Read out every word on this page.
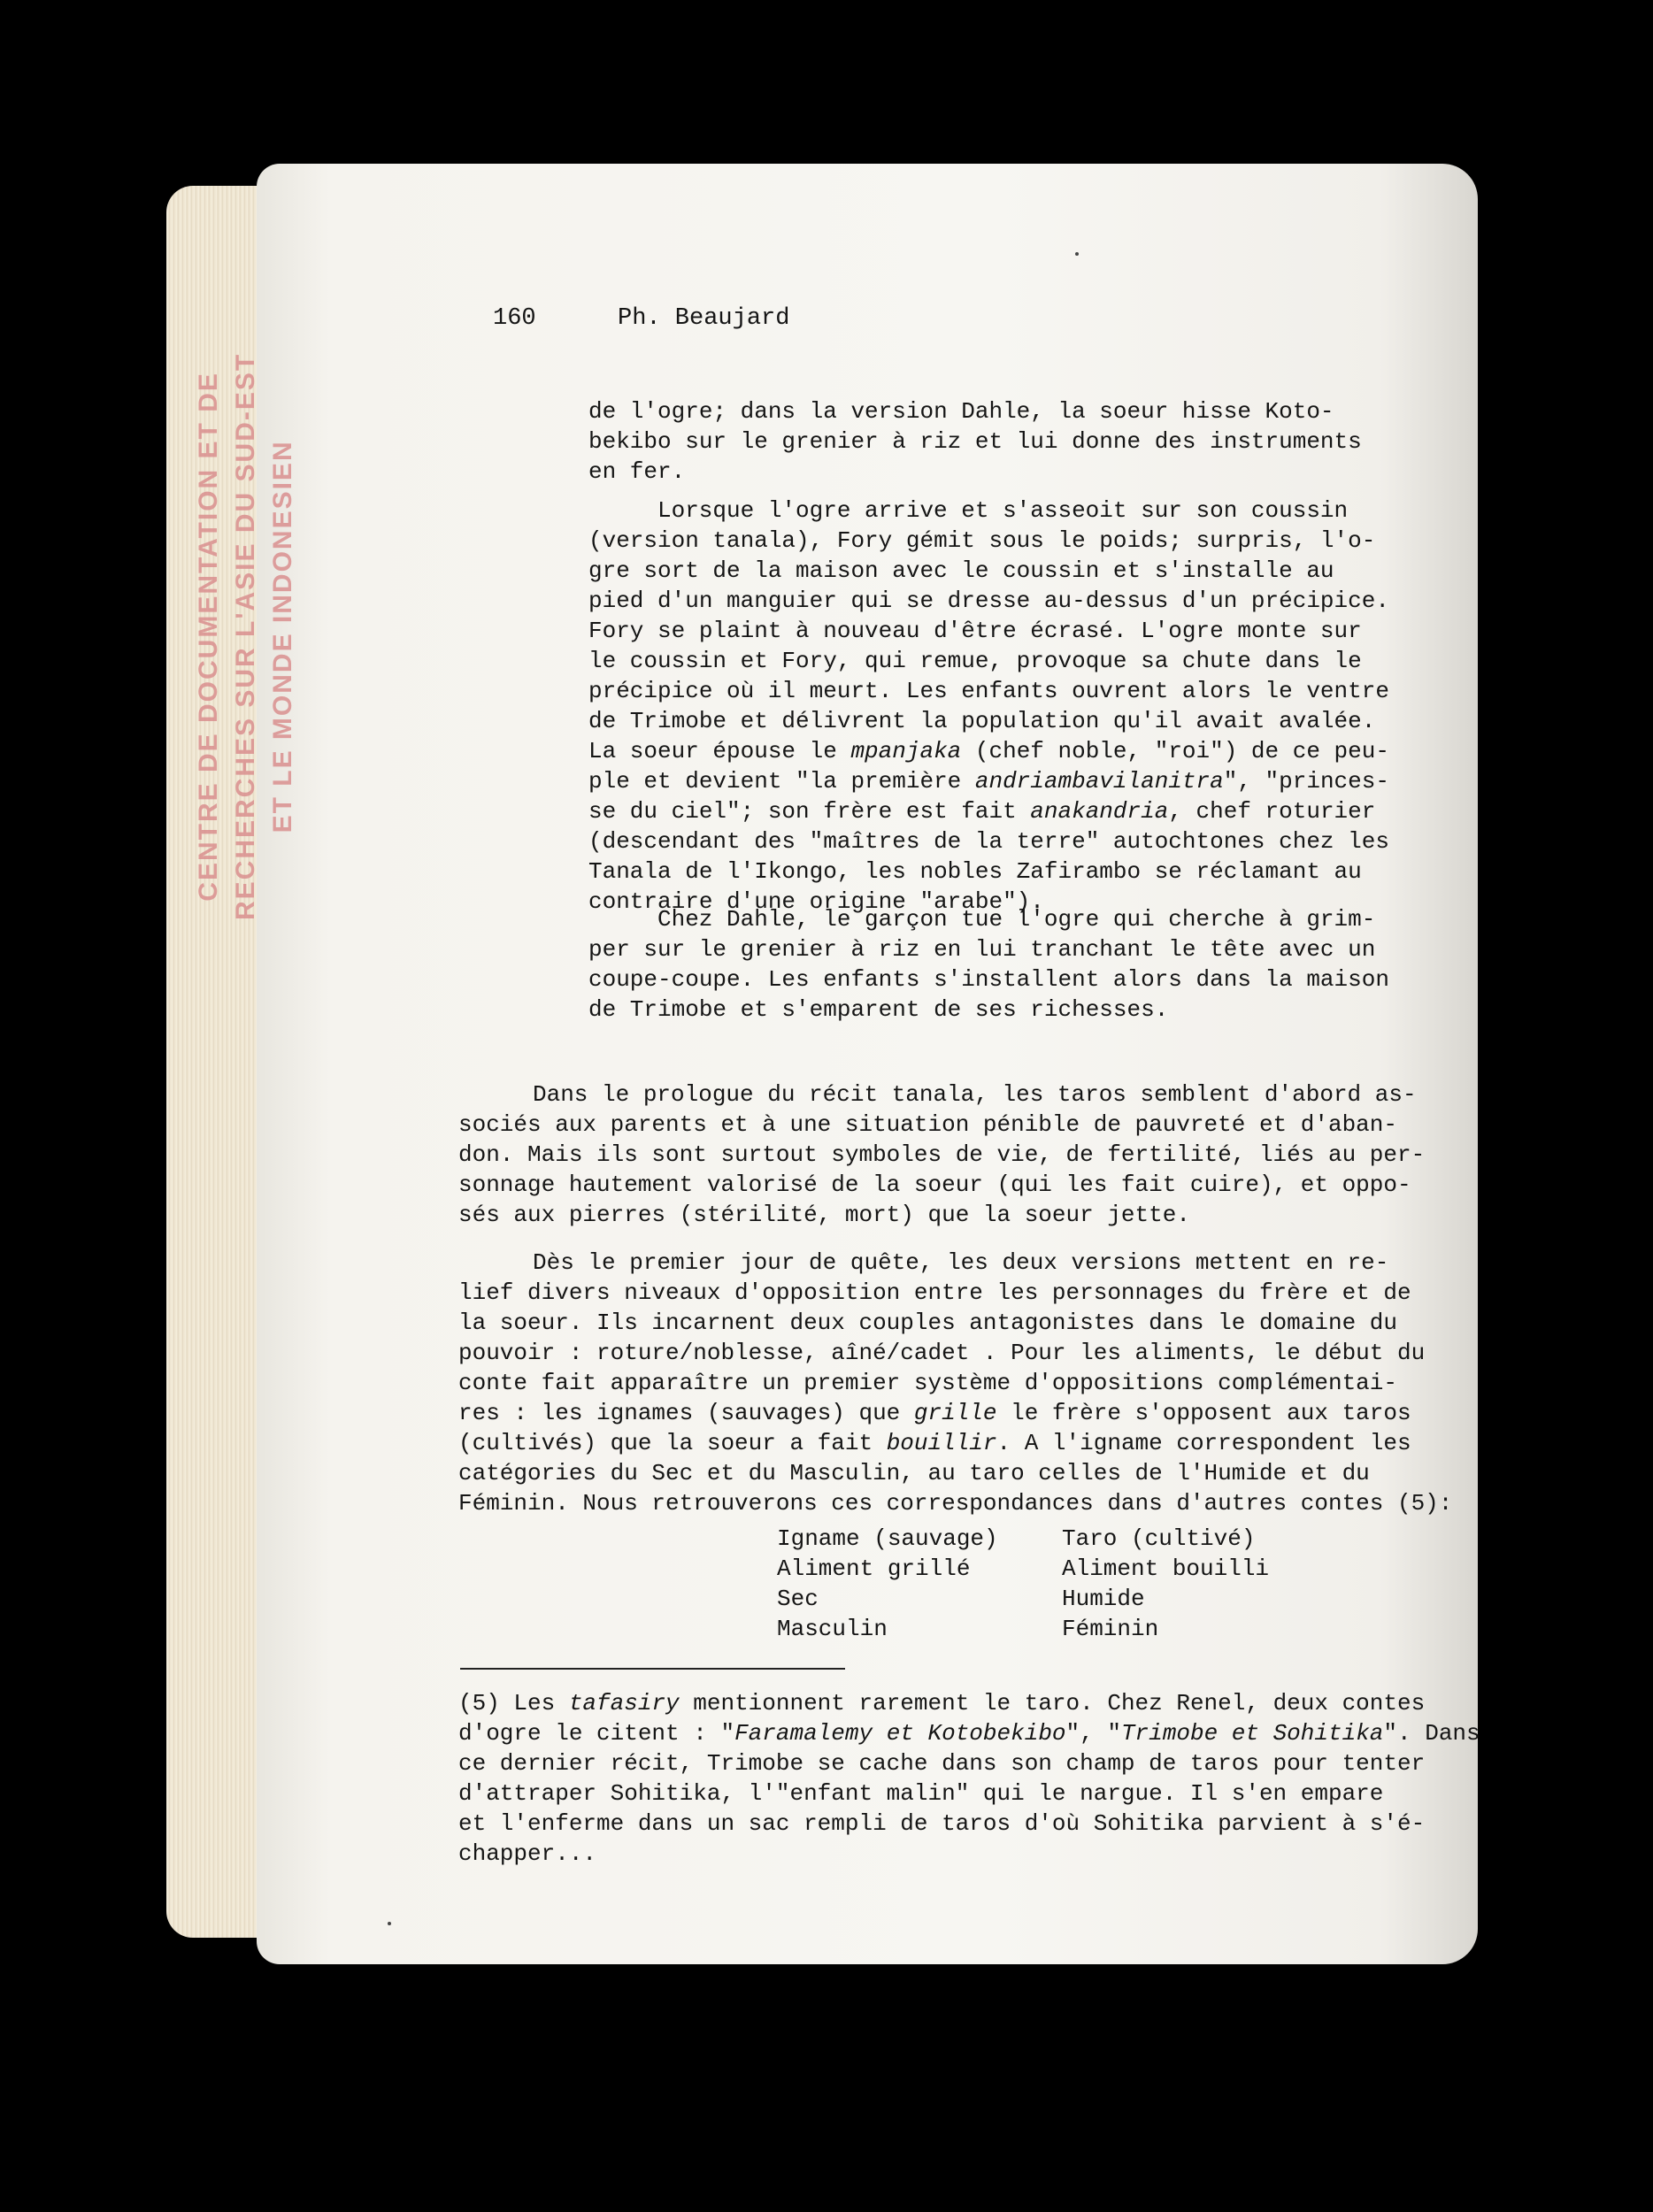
CENTRE DE DOCUMENTATION ET DE RECHERCHES SUR L'ASIE DU SUD-EST ET LE MONDE INDONESIEN
160	Ph. Beaujard
de l'ogre; dans la version Dahle, la soeur hisse Koto-
bekibo sur le grenier à riz et lui donne des instruments
en fer.
Lorsque l'ogre arrive et s'asseoit sur son coussin
(version tanala), Fory gémit sous le poids; surpris, l'o-
gre sort de la maison avec le coussin et s'installe au
pied d'un manguier qui se dresse au-dessus d'un précipice.
Fory se plaint à nouveau d'être écrasé. L'ogre monte sur
le coussin et Fory, qui remue, provoque sa chute dans le
précipice où il meurt. Les enfants ouvrent alors le ventre
de Trimobe et délivrent la population qu'il avait avalée.
La soeur épouse le mpanjaka (chef noble, "roi") de ce peu-
ple et devient "la première andriambavilanitra", "princes-
se du ciel"; son frère est fait anakandria, chef roturier
(descendant des "maîtres de la terre" autochtones chez les
Tanala de l'Ikongo, les nobles Zafirambo se réclamant au
contraire d'une origine "arabe").
Chez Dahle, le garçon tue l'ogre qui cherche à grim-
per sur le grenier à riz en lui tranchant le tête avec un
coupe-coupe. Les enfants s'installent alors dans la maison
de Trimobe et s'emparent de ses richesses.
Dans le prologue du récit tanala, les taros semblent d'abord as-
sociés aux parents et à une situation pénible de pauvreté et d'aban-
don. Mais ils sont surtout symboles de vie, de fertilité, liés au per-
sonnage hautement valorisé de la soeur (qui les fait cuire), et oppo-
sés aux pierres (stérilité, mort) que la soeur jette.
Dès le premier jour de quête, les deux versions mettent en re-
lief divers niveaux d'opposition entre les personnages du frère et de
la soeur. Ils incarnent deux couples antagonistes dans le domaine du
pouvoir : roture/noblesse, aîné/cadet . Pour les aliments, le début du
conte fait apparaître un premier système d'oppositions complémentai-
res : les ignames (sauvages) que grille le frère s'opposent aux taros
(cultivés) que la soeur a fait bouillir. A l'igname correspondent les
catégories du Sec et du Masculin, au taro celles de l'Humide et du
Féminin. Nous retrouverons ces correspondances dans d'autres contes (5):
Igname (sauvage)
Aliment grillé
Sec
Masculin
Taro (cultivé)
Aliment bouilli
Humide
Féminin
(5) Les tafasiry mentionnent rarement le taro. Chez Renel, deux contes
d'ogre le citent : "Faramalemy et Kotobekibo", "Trimobe et Sohitika". Dans
ce dernier récit, Trimobe se cache dans son champ de taros pour tenter
d'attraper Sohitika, l'"enfant malin" qui le nargue. Il s'en empare
et l'enferme dans un sac rempli de taros d'où Sohitika parvient à s'é-
chapper...
